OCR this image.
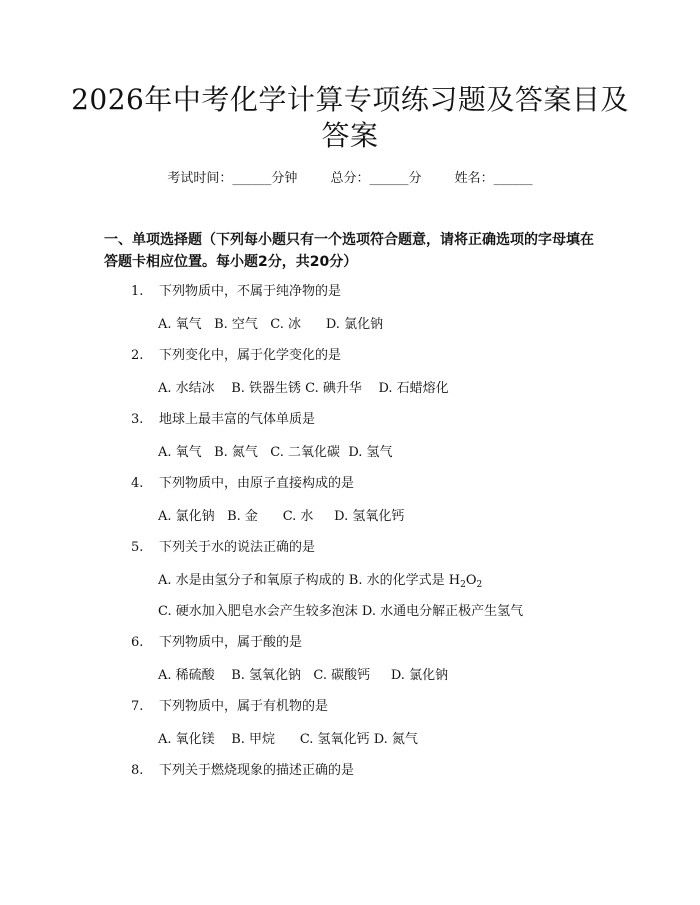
2026年中考化学计算专项练习题及答案目及答案
考试时间：______分钟	总分：______分	姓名：______
一、单项选择题（下列每小题只有一个选项符合题意，请将正确选项的字母填在答题卡相应位置。每小题2分，共20分）
1. 下列物质中，不属于纯净物的是
A. 氧气 B. 空气 C. 冰 D. 氯化钠
2. 下列变化中，属于化学变化的是
A. 水结冰 B. 铁器生锈 C. 碘升华 D. 石蜡熔化
3. 地球上最丰富的气体单质是
A. 氧气 B. 氮气 C. 二氧化碳 D. 氢气
4. 下列物质中，由原子直接构成的是
A. 氯化钠 B. 金 C. 水 D. 氢氧化钙
5. 下列关于水的说法正确的是
A. 水是由氢分子和氧原子构成的 B. 水的化学式是 $H_2O_2$
C. 硬水加入肥皂水会产生较多泡沫 D. 水通电分解正极产生氢气
6. 下列物质中，属于酸的是
A. 稀硫酸 B. 氢氧化钠 C. 碳酸钙 D. 氯化钠
7. 下列物质中，属于有机物的是
A. 氧化镁 B. 甲烷 C. 氢氧化钙 D. 氮气
8. 下列关于燃烧现象的描述正确的是
